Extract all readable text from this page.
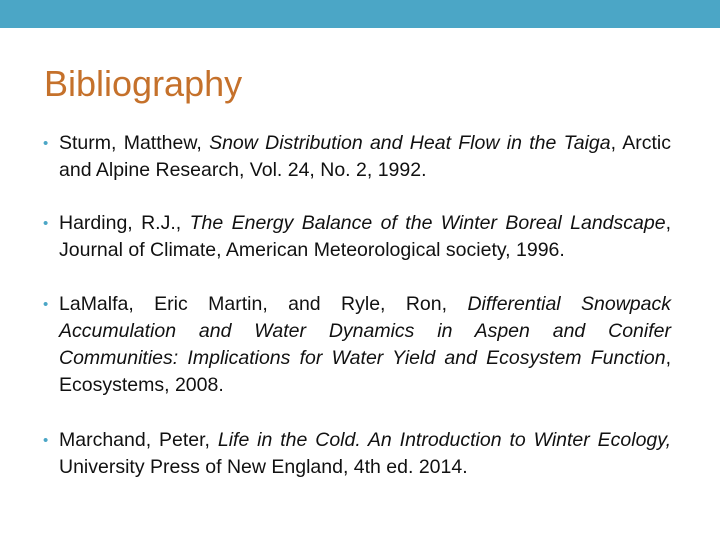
Bibliography
• Sturm, Matthew, Snow Distribution and Heat Flow in the Taiga, Arctic and Alpine Research, Vol. 24, No. 2, 1992.
• Harding, R.J., The Energy Balance of the Winter Boreal Landscape, Journal of Climate, American Meteorological society, 1996.
• LaMalfa, Eric Martin, and Ryle, Ron, Differential Snowpack Accumulation and Water Dynamics in Aspen and Conifer Communities: Implications for Water Yield and Ecosystem Function, Ecosystems, 2008.
• Marchand, Peter, Life in the Cold. An Introduction to Winter Ecology, University Press of New England, 4th ed. 2014.
